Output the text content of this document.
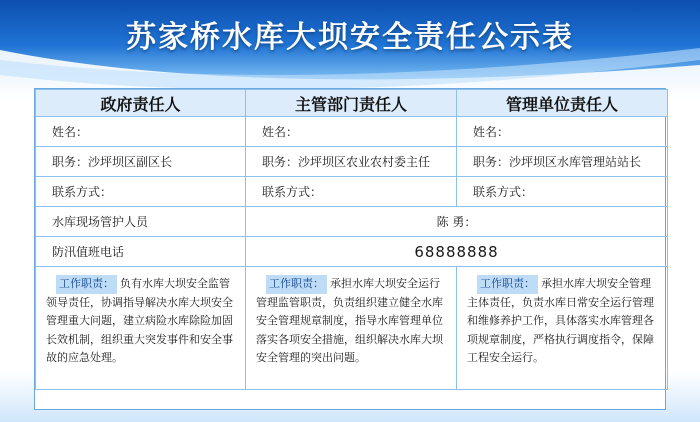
苏家桥水库大坝安全责任公示表
政府责任人	主管部门责任人	管理单位责任人
姓名：	姓名：	姓名：
职务：沙坪坝区副区长	职务：沙坪坝区农业农村委主任	职务：沙坪坝区水库管理站站长
联系方式：	联系方式：	联系方式：
水库现场管护人员	陈 勇：	
防汛值班电话	68888888	

工作职责： 负有水库大坝安全监管领导责任，协调指导解决水库大坝安全管理重大问题，建立病险水库除险加固长效机制，组织重大突发事件和安全事故的应急处理。	工作职责： 承担水库大坝安全运行管理监管职责，负责组织建立健全水库安全管理规章制度，指导水库管理单位落实各项安全措施，组织解决水库大坝安全管理的突出问题。	工作职责： 承担水库大坝安全管理主体责任，负责水库日常安全运行管理和维修养护工作，具体落实水库管理各项规章制度，严格执行调度指令，保障工程安全运行。
